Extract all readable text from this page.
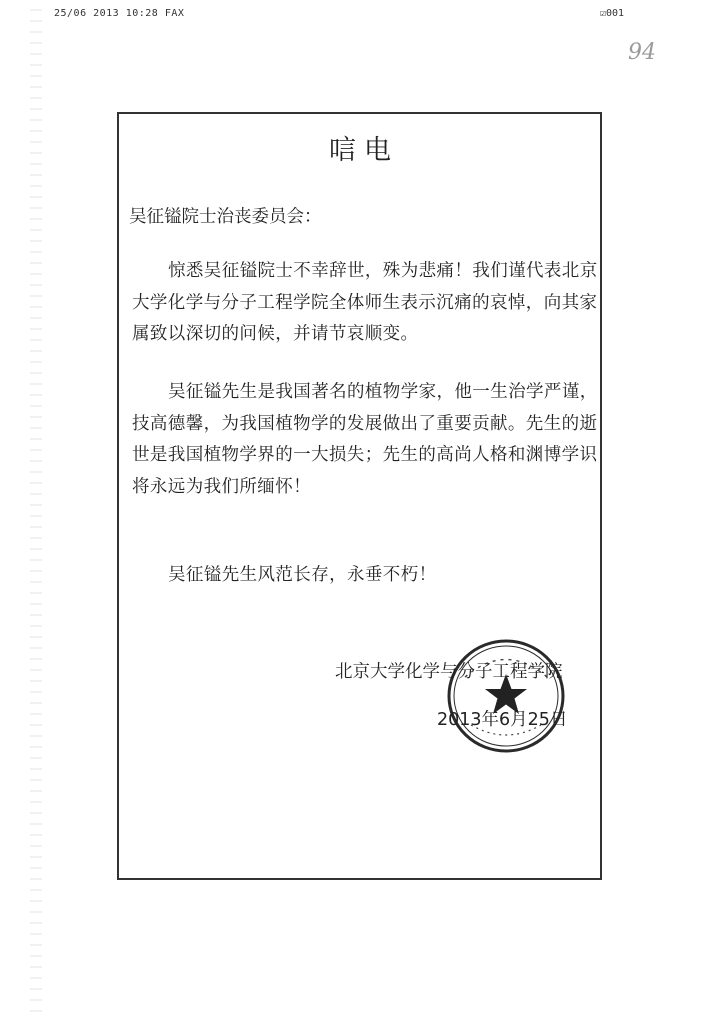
25/06 2013 10:28 FAX	☑001
94
唁电
吴征镒院士治丧委员会：
惊悉吴征镒院士不幸辞世，殊为悲痛！我们谨代表北京大学化学与分子工程学院全体师生表示沉痛的哀悼，向其家属致以深切的问候，并请节哀顺变。
吴征镒先生是我国著名的植物学家，他一生治学严谨，技高德馨，为我国植物学的发展做出了重要贡献。先生的逝世是我国植物学界的一大损失；先生的高尚人格和渊博学识将永远为我们所缅怀！
吴征镒先生风范长存，永垂不朽！
北京大学化学与分子工程学院
2013年6月25日
